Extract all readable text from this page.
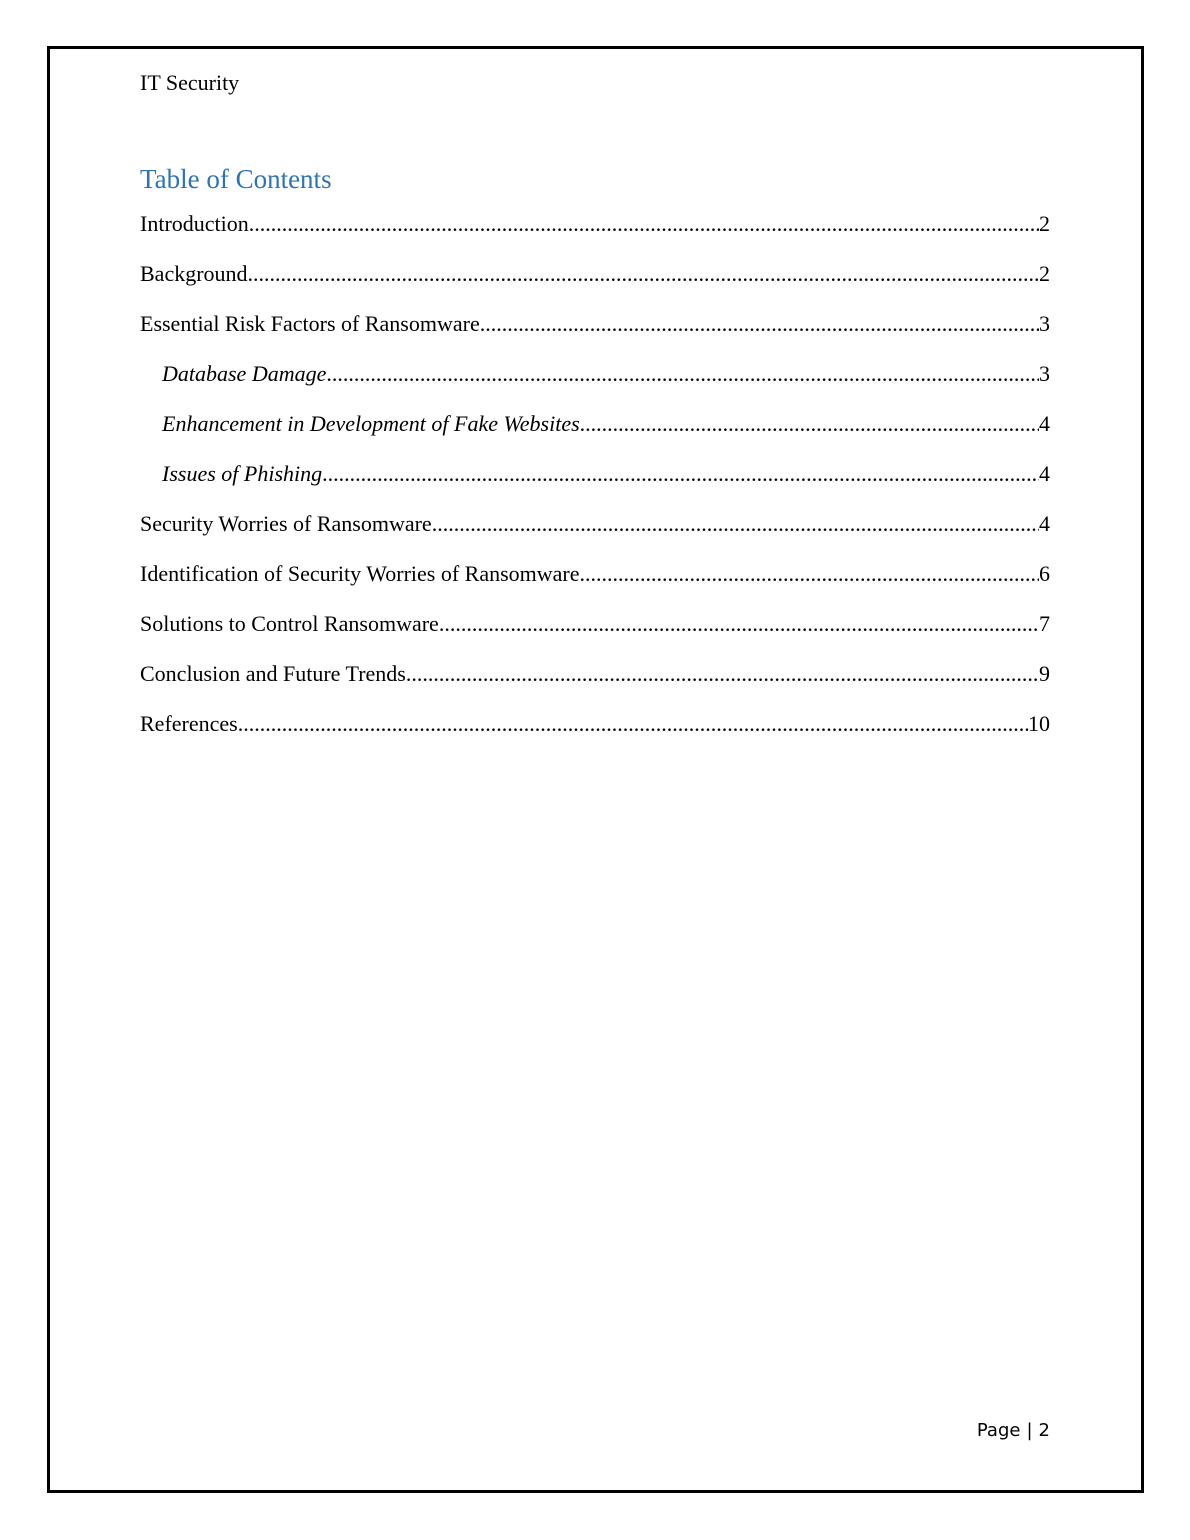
IT Security
Table of Contents
Introduction .....	2
Background .....	2
Essential Risk Factors of Ransomware .....	3
Database Damage .....	3
Enhancement in Development of Fake Websites .....	4
Issues of Phishing .....	4
Security Worries of Ransomware .....	4
Identification of Security Worries of Ransomware .....	6
Solutions to Control Ransomware .....	7
Conclusion and Future Trends .....	9
References .....	10
Page | 2
